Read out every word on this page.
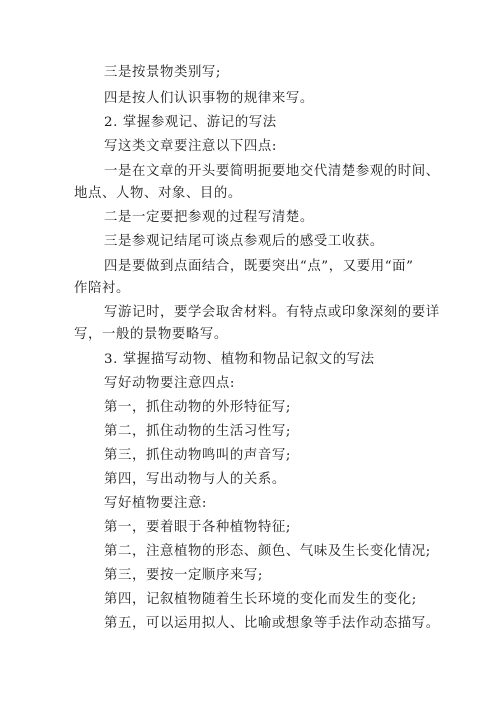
三是按景物类别写;
四是按人们认识事物的规律来写。
2. 掌握参观记、游记的写法
写这类文章要注意以下四点:
一是在文章的开头要简明扼要地交代清楚参观的时间、
地点、人物、对象、目的。
二是一定要把参观的过程写清楚。
三是参观记结尾可谈点参观后的感受工收获。
四是要做到点面结合，既要突出“点”，又要用“面”
作陪衬。
写游记时，要学会取舍材料。有特点或印象深刻的要详
写，一般的景物要略写。
3. 掌握描写动物、植物和物品记叙文的写法
写好动物要注意四点:
第一，抓住动物的外形特征写;
第二，抓住动物的生活习性写;
第三，抓住动物鸣叫的声音写;
第四，写出动物与人的关系。
写好植物要注意:
第一，要着眼于各种植物特征;
第二，注意植物的形态、颜色、气味及生长变化情况;
第三，要按一定顺序来写;
第四，记叙植物随着生长环境的变化而发生的变化;
第五，可以运用拟人、比喻或想象等手法作动态描写。
